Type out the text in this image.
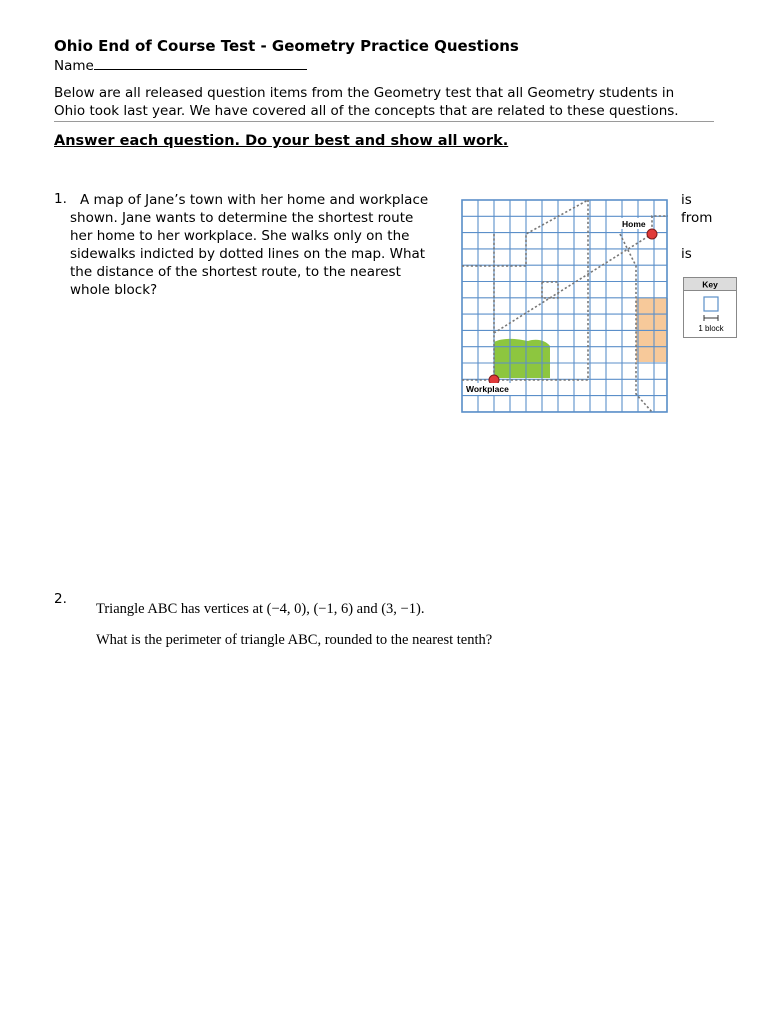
Ohio End of Course Test - Geometry Practice Questions
Name
Below are all released question items from the Geometry test that all Geometry students in
Ohio took last year. We have covered all of the concepts that are related to these questions.
Answer each question. Do your best and show all work.
1. A map of Jane’s town with her home and workplace
shown. Jane wants to determine the shortest route
her home to her workplace. She walks only on the
sidewalks indicted by dotted lines on the map. What
the distance of the shortest route, to the nearest
whole block?
is
from

is
Home
Workplace
Key
1 block
2.
Triangle ABC has vertices at (−4, 0), (−1, 6) and (3, −1).
What is the perimeter of triangle ABC, rounded to the nearest tenth?
